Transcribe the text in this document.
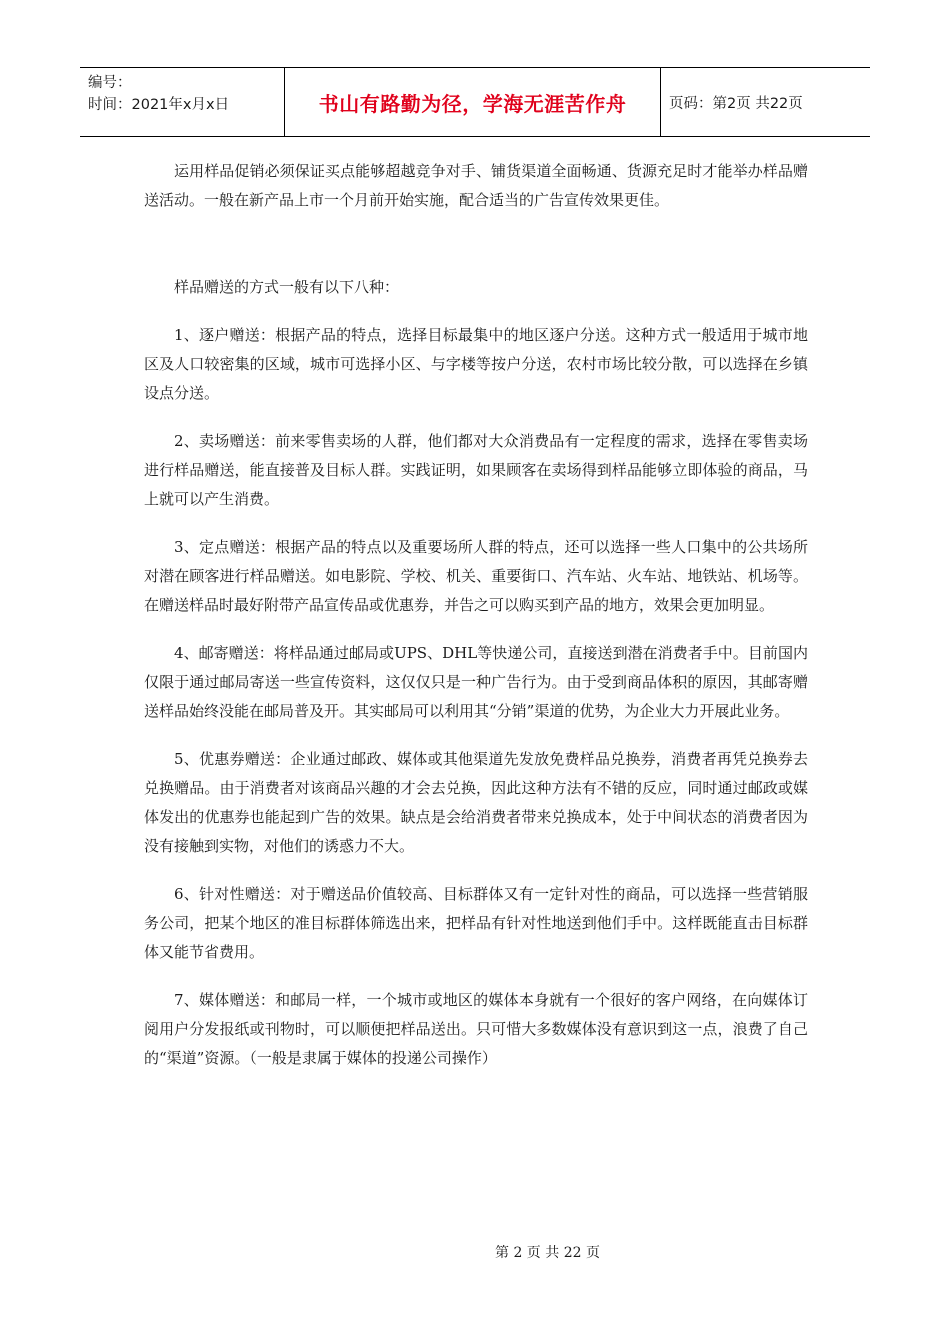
编号：
时间：2021年x月x日	书山有路勤为径，学海无涯苦作舟	页码：第2页 共22页

运用样品促销必须保证买点能够超越竞争对手、铺货渠道全面畅通、货源充足时才能举办样品赠送活动。一般在新产品上市一个月前开始实施，配合适当的广告宣传效果更佳。

样品赠送的方式一般有以下八种：

1、逐户赠送：根据产品的特点，选择目标最集中的地区逐户分送。这种方式一般适用于城市地区及人口较密集的区域，城市可选择小区、与字楼等按户分送，农村市场比较分散，可以选择在乡镇设点分送。

2、卖场赠送：前来零售卖场的人群，他们都对大众消费品有一定程度的需求，选择在零售卖场进行样品赠送，能直接普及目标人群。实践证明，如果顾客在卖场得到样品能够立即体验的商品，马上就可以产生消费。

3、定点赠送：根据产品的特点以及重要场所人群的特点，还可以选择一些人口集中的公共场所对潜在顾客进行样品赠送。如电影院、学校、机关、重要街口、汽车站、火车站、地铁站、机场等。在赠送样品时最好附带产品宣传品或优惠券，并告之可以购买到产品的地方，效果会更加明显。

4、邮寄赠送：将样品通过邮局或UPS、DHL等快递公司，直接送到潜在消费者手中。目前国内仅限于通过邮局寄送一些宣传资料，这仅仅只是一种广告行为。由于受到商品体积的原因，其邮寄赠送样品始终没能在邮局普及开。其实邮局可以利用其“分销”渠道的优势，为企业大力开展此业务。

5、优惠券赠送：企业通过邮政、媒体或其他渠道先发放免费样品兑换券，消费者再凭兑换券去兑换赠品。由于消费者对该商品兴趣的才会去兑换，因此这种方法有不错的反应，同时通过邮政或媒体发出的优惠券也能起到广告的效果。缺点是会给消费者带来兑换成本，处于中间状态的消费者因为没有接触到实物，对他们的诱惑力不大。

6、针对性赠送：对于赠送品价值较高、目标群体又有一定针对性的商品，可以选择一些营销服务公司，把某个地区的准目标群体筛选出来，把样品有针对性地送到他们手中。这样既能直击目标群体又能节省费用。

7、媒体赠送：和邮局一样，一个城市或地区的媒体本身就有一个很好的客户网络，在向媒体订阅用户分发报纸或刊物时，可以顺便把样品送出。只可惜大多数媒体没有意识到这一点，浪费了自己的“渠道”资源。（一般是隶属于媒体的投递公司操作）

第 2 页 共 22 页
